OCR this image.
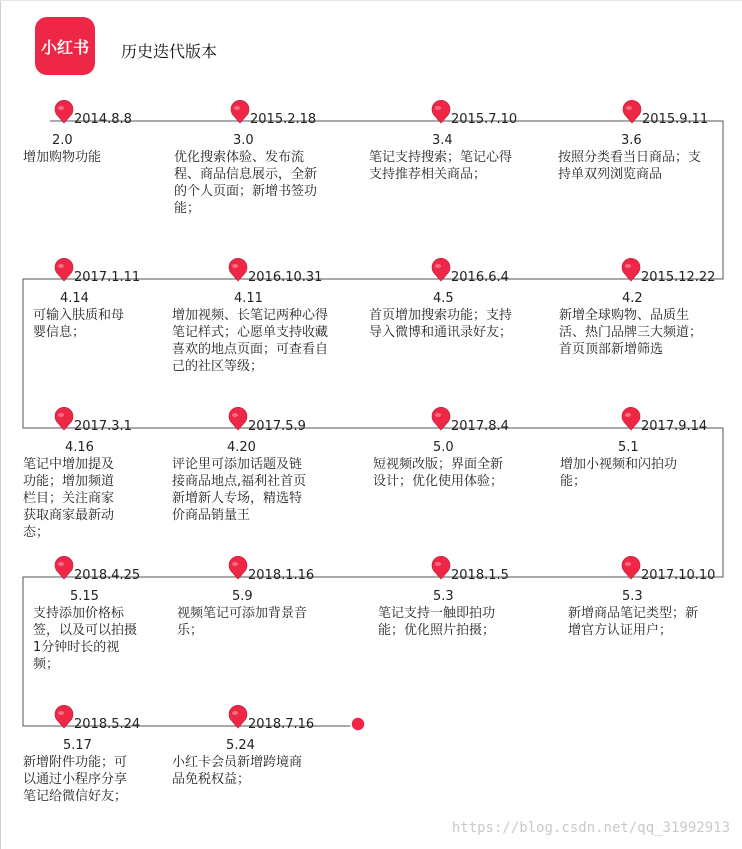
小红书	历史迭代版本
2014.8.8
2.0
增加购物功能
2015.2.18
3.0
优化搜索体验、发布流程、商品信息展示，全新的个人页面；新增书签功能；
2015.7.10
3.4
笔记支持搜索；笔记心得支持推荐相关商品；
2015.9.11
3.6
按照分类看当日商品；支持单双列浏览商品
2017.1.11
4.14
可输入肤质和母婴信息；
2016.10.31
4.11
增加视频、长笔记两种心得笔记样式；心愿单支持收藏喜欢的地点页面；可查看自己的社区等级；
2016.6.4
4.5
首页增加搜索功能；支持导入微博和通讯录好友；
2015.12.22
4.2
新增全球购物、品质生活、热门品牌三大频道；首页顶部新增筛选
2017.3.1
4.16
笔记中增加提及功能；增加频道栏目；关注商家获取商家最新动态；
2017.5.9
4.20
评论里可添加话题及链接商品地点,福利社首页新增新人专场，精选特价商品销量王
2017.8.4
5.0
短视频改版；界面全新设计；优化使用体验；
2017.9.14
5.1
增加小视频和闪拍功能；
2018.4.25
5.15
支持添加价格标签，以及可以拍摄1分钟时长的视频；
2018.1.16
5.9
视频笔记可添加背景音乐；
2018.1.5
5.3
笔记支持一触即拍功能；优化照片拍摄；
2017.10.10
5.3
新增商品笔记类型；新增官方认证用户；
2018.5.24
5.17
新增附件功能；可以通过小程序分享笔记给微信好友；
2018.7.16
5.24
小红卡会员新增跨境商品免税权益；
https://blog.csdn.net/qq_31992913
